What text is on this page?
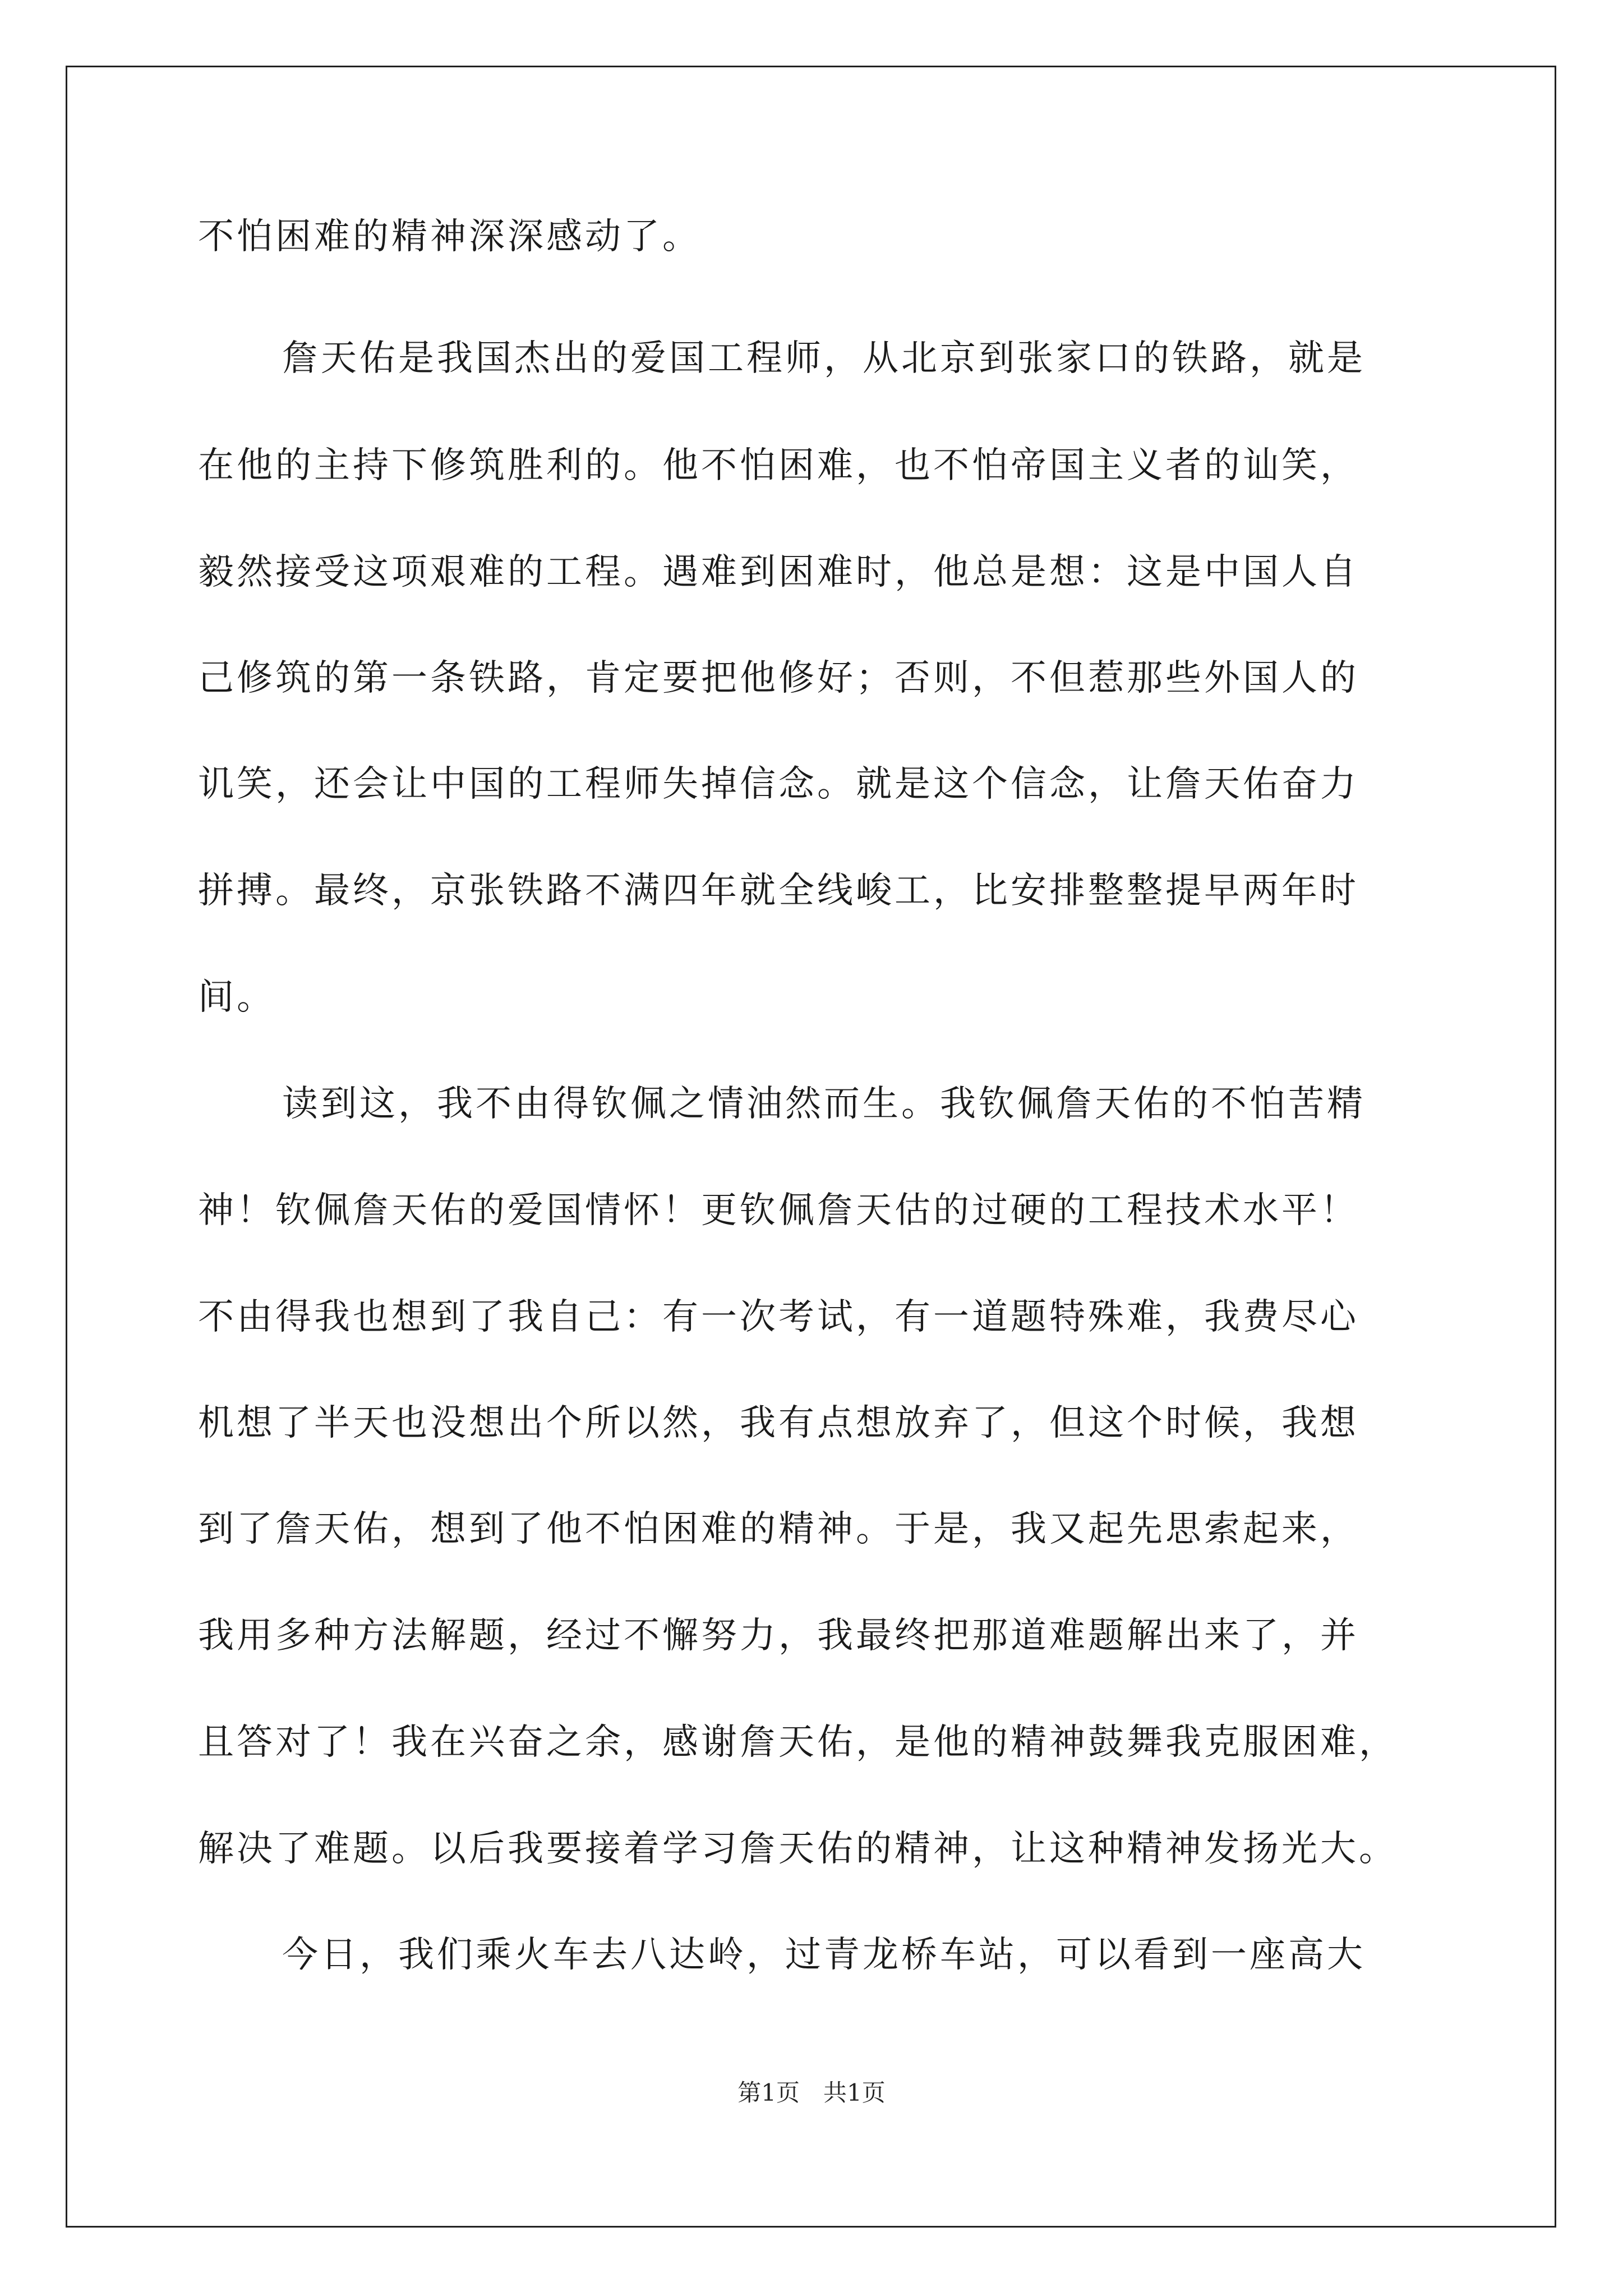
不怕困难的精神深深感动了。
詹天佑是我国杰出的爱国工程师，从北京到张家口的铁路，就是
在他的主持下修筑胜利的。他不怕困难，也不怕帝国主义者的讪笑，
毅然接受这项艰难的工程。遇难到困难时，他总是想：这是中国人自
己修筑的第一条铁路，肯定要把他修好；否则，不但惹那些外国人的
讥笑，还会让中国的工程师失掉信念。就是这个信念，让詹天佑奋力
拼搏。最终，京张铁路不满四年就全线峻工，比安排整整提早两年时
间。
读到这，我不由得钦佩之情油然而生。我钦佩詹天佑的不怕苦精
神！钦佩詹天佑的爱国情怀！更钦佩詹天估的过硬的工程技术水平！
不由得我也想到了我自己：有一次考试，有一道题特殊难，我费尽心
机想了半天也没想出个所以然，我有点想放弃了，但这个时候，我想
到了詹天佑，想到了他不怕困难的精神。于是，我又起先思索起来，
我用多种方法解题，经过不懈努力，我最终把那道难题解出来了，并
且答对了！我在兴奋之余，感谢詹天佑，是他的精神鼓舞我克服困难，
解决了难题。以后我要接着学习詹天佑的精神，让这种精神发扬光大。
今日，我们乘火车去八达岭，过青龙桥车站，可以看到一座高大
第1页　共1页
